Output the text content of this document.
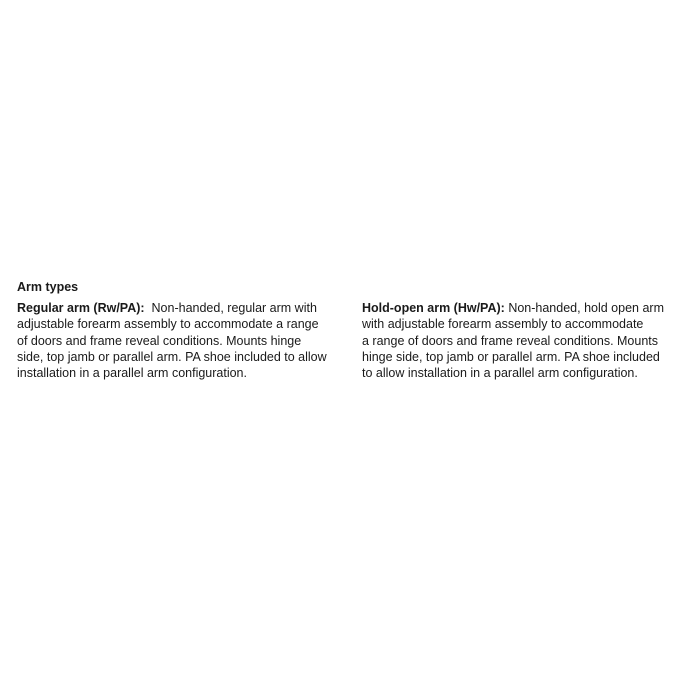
Arm types

Regular arm (Rw/PA): Non-handed, regular arm with
adjustable forearm assembly to accommodate a range
of doors and frame reveal conditions. Mounts hinge
side, top jamb or parallel arm. PA shoe included to allow
installation in a parallel arm configuration.

Hold-open arm (Hw/PA): Non-handed, hold open arm
with adjustable forearm assembly to accommodate
a range of doors and frame reveal conditions. Mounts
hinge side, top jamb or parallel arm. PA shoe included
to allow installation in a parallel arm configuration.
